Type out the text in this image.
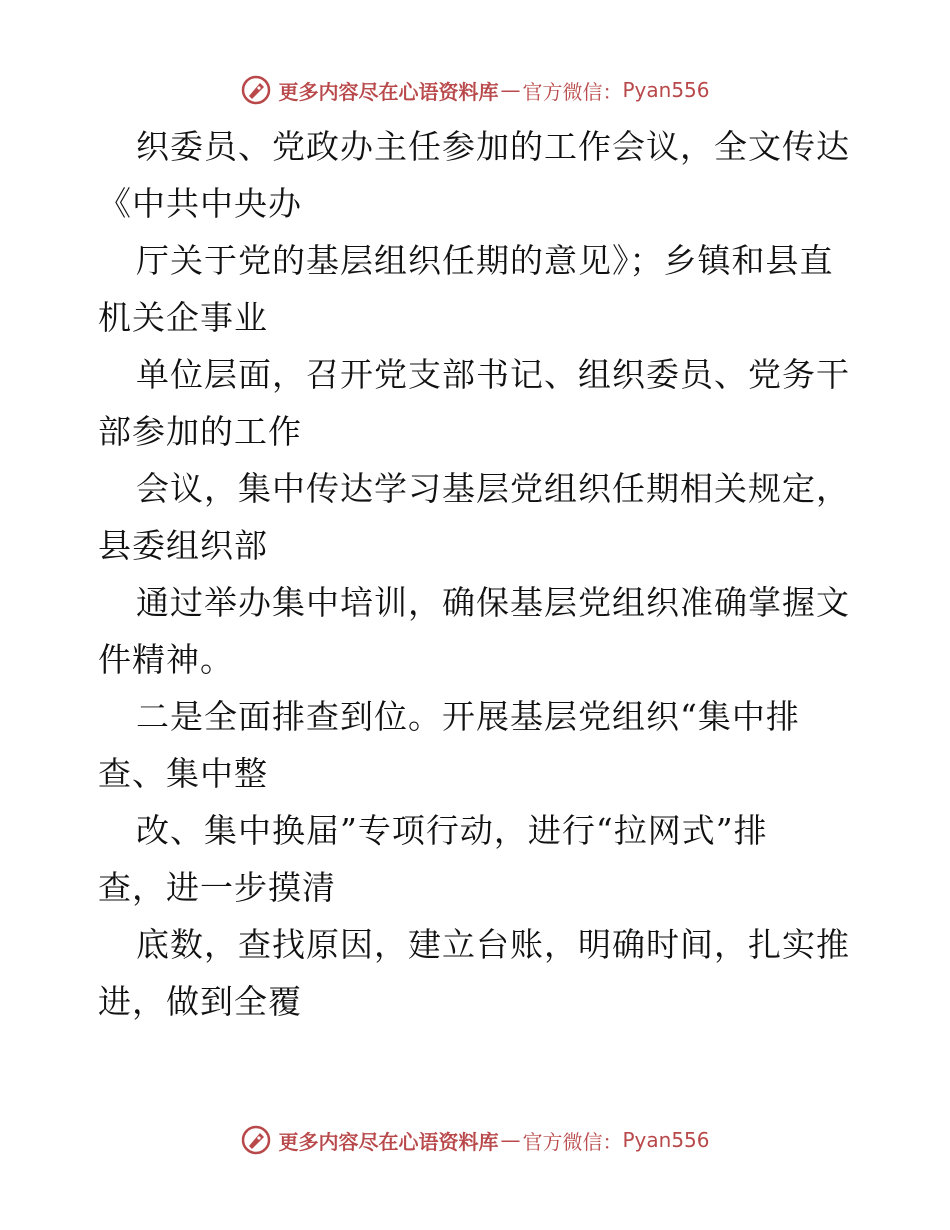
更多内容尽在心语资料库 — 官方微信： Pyan556
织委员、党政办主任参加的工作会议，全文传达
《中共中央办
厅关于党的基层组织任期的意见》；乡镇和县直
机关企事业
单位层面，召开党支部书记、组织委员、党务干
部参加的工作
会议，集中传达学习基层党组织任期相关规定，
县委组织部
通过举办集中培训，确保基层党组织准确掌握文
件精神。
二是全面排查到位。开展基层党组织“集中排
查、集中整
改、集中换届”专项行动，进行“拉网式”排
查，进一步摸清
底数，查找原因，建立台账，明确时间，扎实推
进，做到全覆
更多内容尽在心语资料库 — 官方微信： Pyan556
